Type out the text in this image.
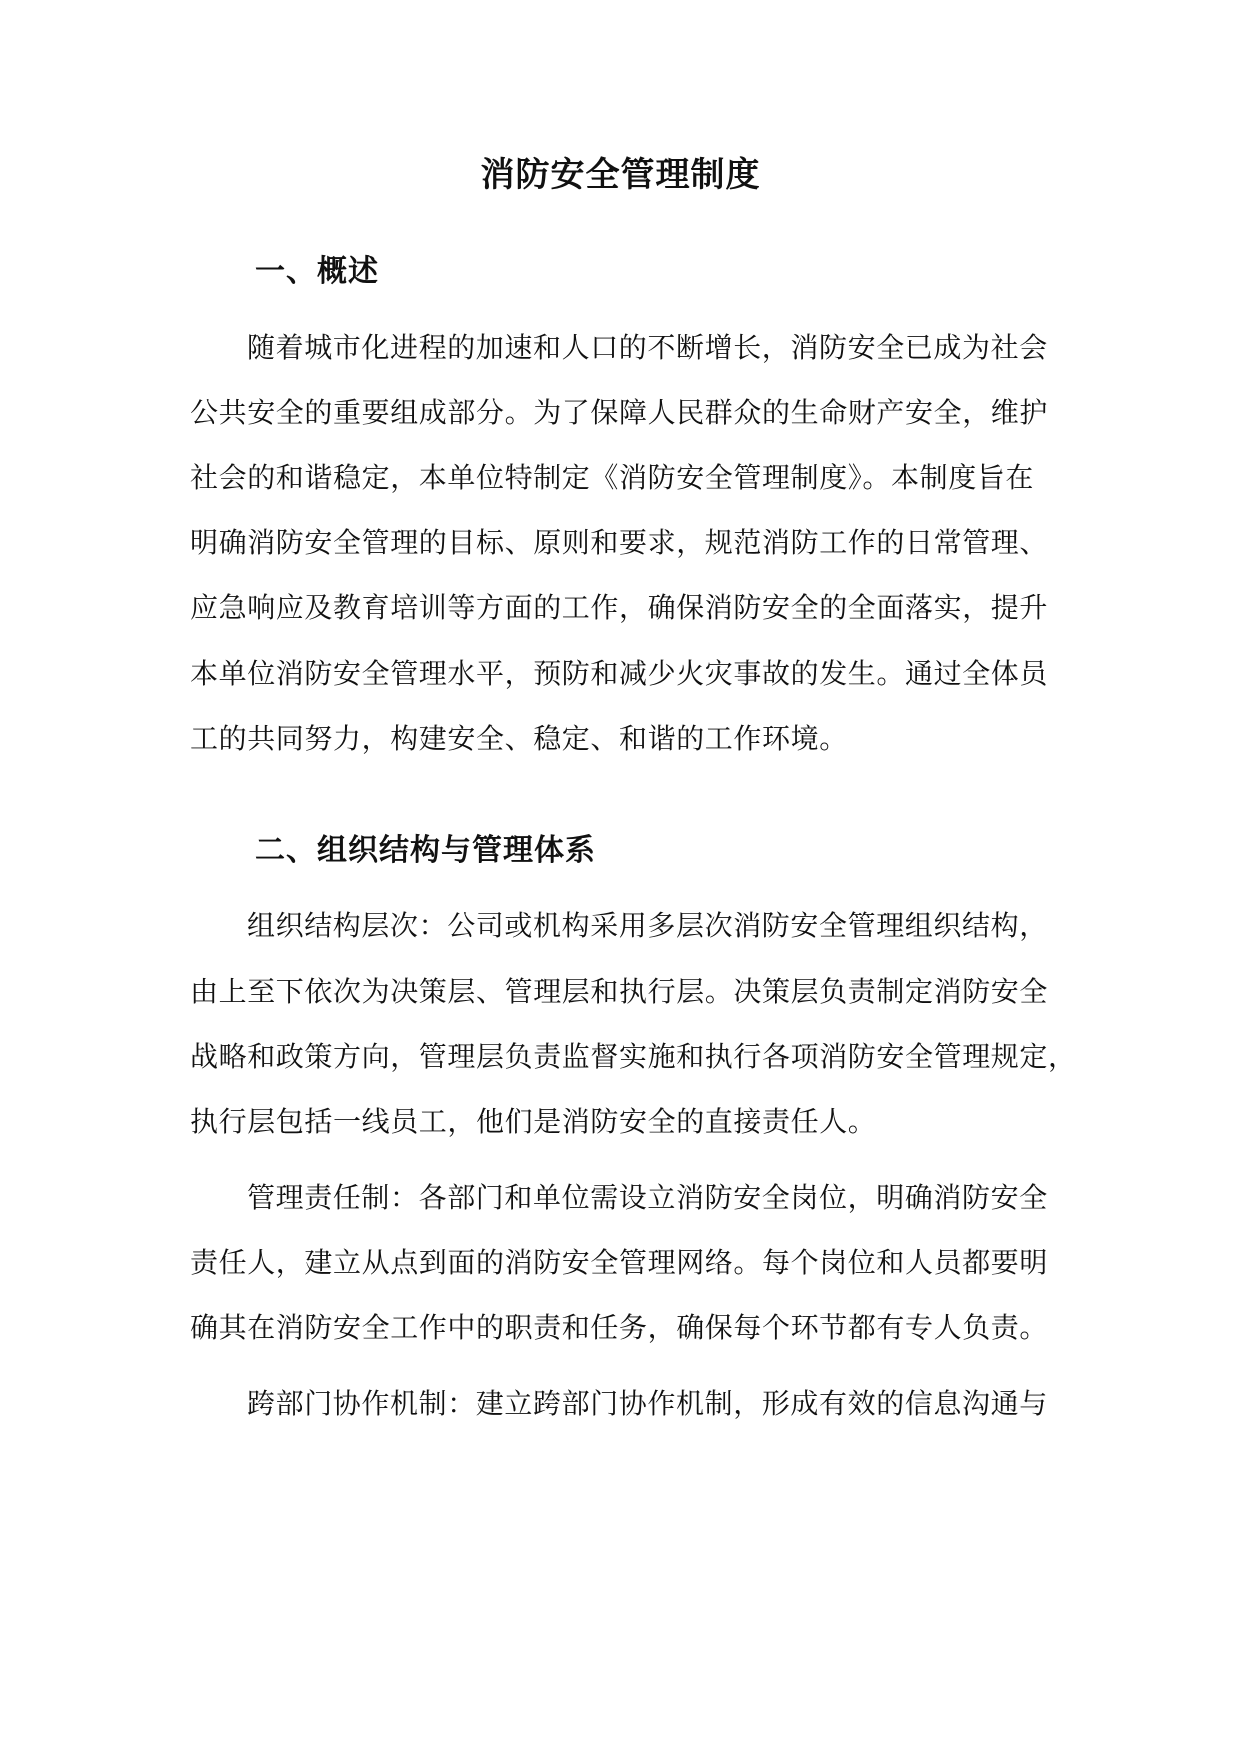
消防安全管理制度
一、概述
随着城市化进程的加速和人口的不断增长，消防安全已成为社会
公共安全的重要组成部分。为了保障人民群众的生命财产安全，维护
社会的和谐稳定，本单位特制定《消防安全管理制度》。本制度旨在
明确消防安全管理的目标、原则和要求，规范消防工作的日常管理、
应急响应及教育培训等方面的工作，确保消防安全的全面落实，提升
本单位消防安全管理水平，预防和减少火灾事故的发生。通过全体员
工的共同努力，构建安全、稳定、和谐的工作环境。
二、组织结构与管理体系
组织结构层次：公司或机构采用多层次消防安全管理组织结构，
由上至下依次为决策层、管理层和执行层。决策层负责制定消防安全
战略和政策方向，管理层负责监督实施和执行各项消防安全管理规定，
执行层包括一线员工，他们是消防安全的直接责任人。
管理责任制：各部门和单位需设立消防安全岗位，明确消防安全
责任人，建立从点到面的消防安全管理网络。每个岗位和人员都要明
确其在消防安全工作中的职责和任务，确保每个环节都有专人负责。
跨部门协作机制：建立跨部门协作机制，形成有效的信息沟通与
